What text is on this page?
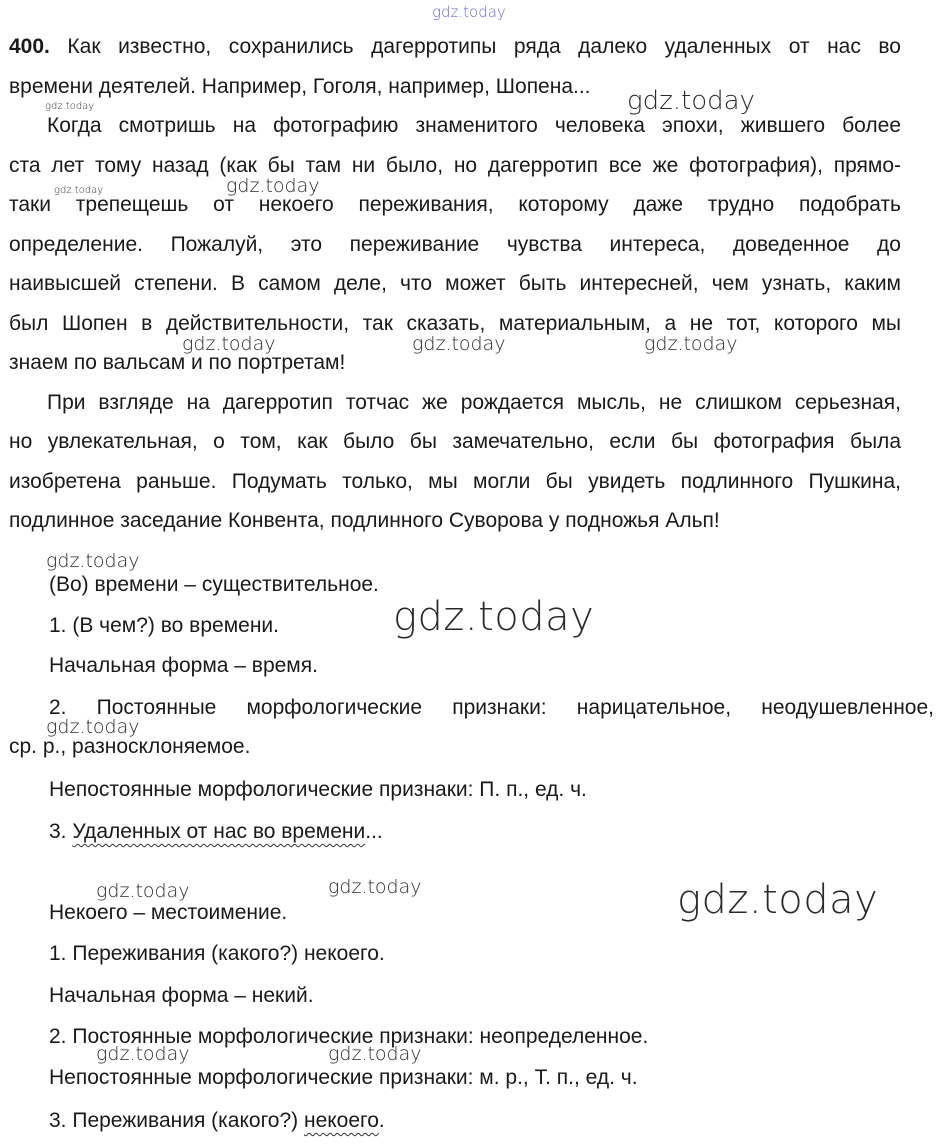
gdz.today
gdz.today	gdz.today
gdz.today	gdz.today
gdz.today	gdz.today	gdz.today
gdz.today
gdz.today
gdz.today
gdz.today	gdz.today	gdz.today
gdz.today	gdz.today
400. Как известно, сохранились дагерротипы ряда далеко удаленных от нас во
времени деятелей. Например, Гоголя, например, Шопена...
Когда смотришь на фотографию знаменитого человека эпохи, жившего более
ста лет тому назад (как бы там ни было, но дагерротип все же фотография), прямо-
таки трепещешь от некоего переживания, которому даже трудно подобрать
определение. Пожалуй, это переживание чувства интереса, доведенное до
наивысшей степени. В самом деле, что может быть интересней, чем узнать, каким
был Шопен в действительности, так сказать, материальным, а не тот, которого мы
знаем по вальсам и по портретам!
При взгляде на дагерротип тотчас же рождается мысль, не слишком серьезная,
но увлекательная, о том, как было бы замечательно, если бы фотография была
изобретена раньше. Подумать только, мы могли бы увидеть подлинного Пушкина,
подлинное заседание Конвента, подлинного Суворова у подножья Альп!
(Во) времени – существительное.
1. (В чем?) во времени.
Начальная форма – время.
2. Постоянные морфологические признаки: нарицательное, неодушевленное,
ср. р., разносклоняемое.
Непостоянные морфологические признаки: П. п., ед. ч.
3. Удаленных от нас во времени...
Некоего – местоимение.
1. Переживания (какого?) некоего.
Начальная форма – некий.
2. Постоянные морфологические признаки: неопределенное.
Непостоянные морфологические признаки: м. р., Т. п., ед. ч.
3. Переживания (какого?) некоего.
